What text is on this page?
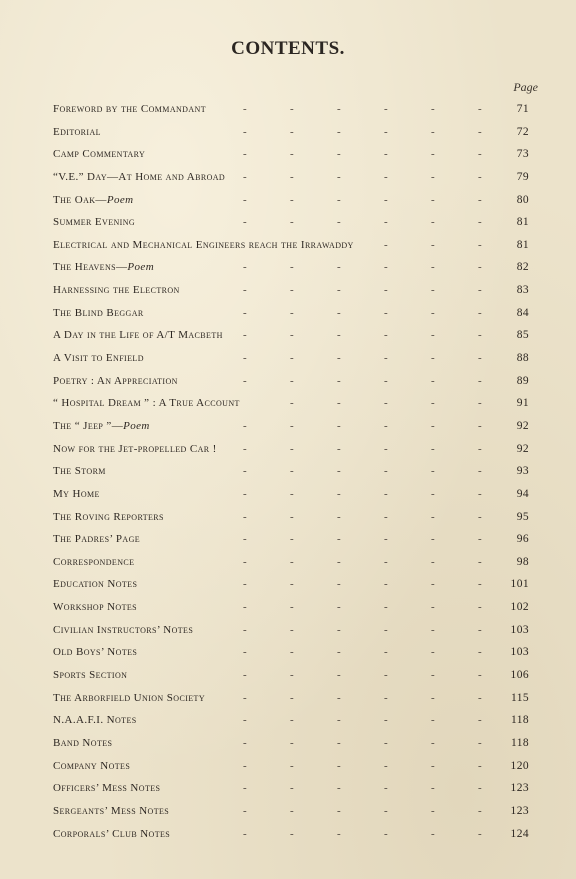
CONTENTS.
Page
Foreword by the Commandant	71
-	-	-	-	-	-
Editorial	72
-	-	-	-	-	-
Camp Commentary	73
-	-	-	-	-	-
“V.E.” Day—At Home and Abroad	79
-	-	-	-	-	-
The Oak—Poem	80
-	-	-	-	-	-
Summer Evening	81
-	-	-	-	-	-
Electrical and Mechanical Engineers reach the Irrawaddy	81
-	-	-
The Heavens—Poem	82
-	-	-	-	-	-
Harnessing the Electron	83
-	-	-	-	-	-
The Blind Beggar	84
-	-	-	-	-	-
A Day in the Life of A/T Macbeth	85
-	-	-	-	-	-
A Visit to Enfield	88
-	-	-	-	-	-
Poetry : An Appreciation	89
-	-	-	-	-	-
“ Hospital Dream ” : A True Account	91
-	-	-	-	-
The “ Jeep ”—Poem	92
-	-	-	-	-	-
Now for the Jet-propelled Car !	92
-	-	-	-	-	-
The Storm	93
-	-	-	-	-	-
My Home	94
-	-	-	-	-	-
The Roving Reporters	95
-	-	-	-	-	-
The Padres’ Page	96
-	-	-	-	-	-
Correspondence	98
-	-	-	-	-	-
Education Notes	101
-	-	-	-	-	-
Workshop Notes	102
-	-	-	-	-	-
Civilian Instructors’ Notes	103
-	-	-	-	-	-
Old Boys’ Notes	103
-	-	-	-	-	-
Sports Section	106
-	-	-	-	-	-
The Arborfield Union Society	115
-	-	-	-	-	-
N.A.A.F.I. Notes	118
-	-	-	-	-	-
Band Notes	118
-	-	-	-	-	-
Company Notes	120
-	-	-	-	-	-
Officers’ Mess Notes	123
-	-	-	-	-	-
Sergeants’ Mess Notes	123
-	-	-	-	-	-
Corporals’ Club Notes	124
-	-	-	-	-	-
